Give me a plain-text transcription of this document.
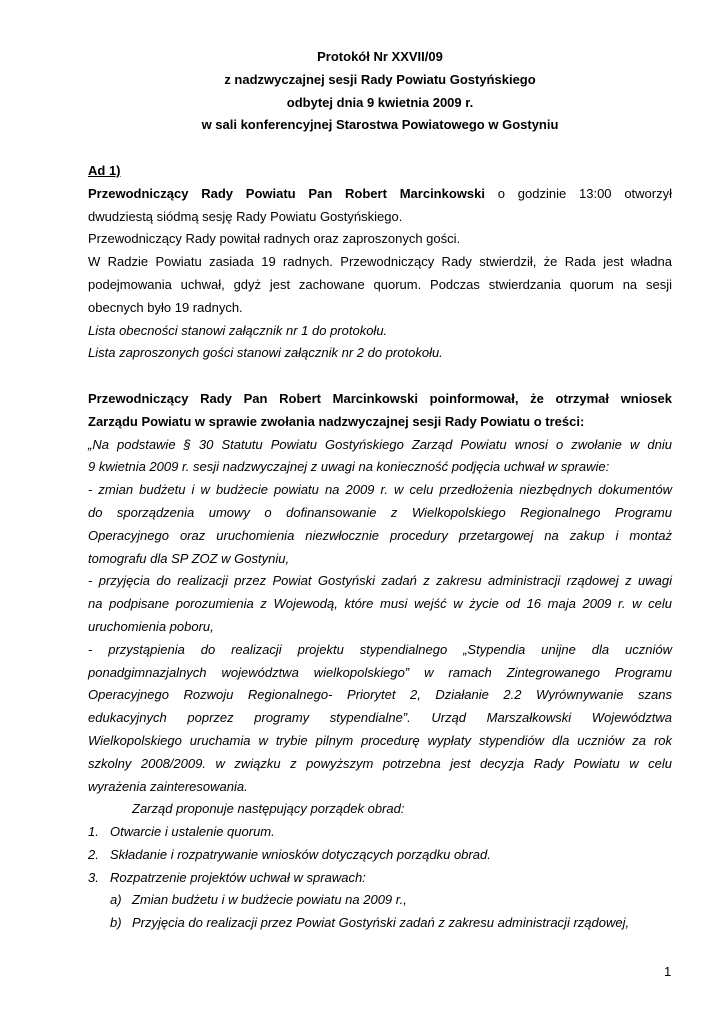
Protokół Nr XXVII/09
z nadzwyczajnej sesji Rady Powiatu Gostyńskiego
odbytej dnia 9 kwietnia 2009 r.
w sali konferencyjnej Starostwa Powiatowego w Gostyniu

Ad 1)

Przewodniczący Rady Powiatu Pan Robert Marcinkowski o godzinie 13:00 otworzył

dwudziestą siódmą sesję Rady Powiatu Gostyńskiego.

Przewodniczący Rady powitał radnych oraz zaproszonych gości.

W Radzie Powiatu zasiada 19 radnych. Przewodniczący Rady stwierdził, że Rada jest władna

podejmowania uchwał, gdyż jest zachowane quorum. Podczas stwierdzania quorum na sesji

obecnych było 19 radnych.

Lista obecności stanowi załącznik nr 1 do protokołu.

Lista zaproszonych gości stanowi załącznik nr 2 do protokołu.

Przewodniczący Rady Pan Robert Marcinkowski poinformował, że otrzymał wniosek

Zarządu Powiatu w sprawie zwołania nadzwyczajnej sesji Rady Powiatu o treści:

„Na podstawie § 30 Statutu Powiatu Gostyńskiego Zarząd Powiatu wnosi o zwołanie w dniu

9 kwietnia 2009 r. sesji nadzwyczajnej z uwagi na konieczność podjęcia uchwał w sprawie:

- zmian budżetu i w budżecie powiatu na 2009 r. w celu przedłożenia niezbędnych dokumentów

do sporządzenia umowy o dofinansowanie z Wielkopolskiego Regionalnego Programu

Operacyjnego oraz uruchomienia niezwłocznie procedury przetargowej na zakup i montaż

tomografu dla SP ZOZ w Gostyniu,

- przyjęcia do realizacji przez Powiat Gostyński zadań z zakresu administracji rządowej z uwagi

na podpisane porozumienia z Wojewodą, które musi wejść w życie od 16 maja 2009 r. w celu

uruchomienia poboru,

- przystąpienia do realizacji projektu stypendialnego „Stypendia unijne dla uczniów

ponadgimnazjalnych województwa wielkopolskiego” w ramach Zintegrowanego Programu

Operacyjnego Rozwoju Regionalnego- Priorytet 2, Działanie 2.2 Wyrównywanie szans

edukacyjnych poprzez programy stypendialne”. Urząd Marszałkowski Województwa

Wielkopolskiego uruchamia w trybie pilnym procedurę wypłaty stypendiów dla uczniów za rok

szkolny 2008/2009. w związku z powyższym potrzebna jest decyzja Rady Powiatu w celu

wyrażenia zainteresowania.

Zarząd proponuje następujący porządek obrad:

1. Otwarcie i ustalenie quorum.
2. Składanie i rozpatrywanie wniosków dotyczących porządku obrad.
3. Rozpatrzenie projektów uchwał w sprawach:
a) Zmian budżetu i w budżecie powiatu na 2009 r.,
b) Przyjęcia do realizacji przez Powiat Gostyński zadań z zakresu administracji rządowej,
1
